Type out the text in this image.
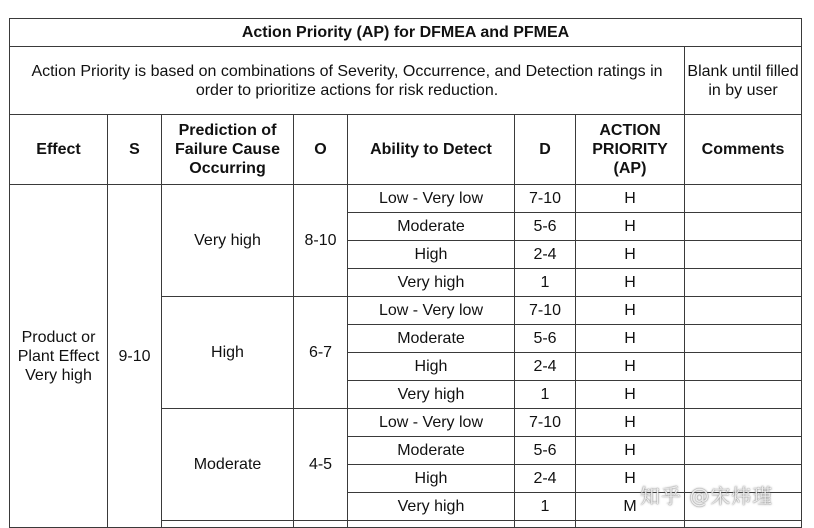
Action Priority (AP) for DFMEA and PFMEA							
Action Priority is based on combinations of Severity, Occurrence, and Detection ratings in order to prioritize actions for risk reduction.							Blank until filled in by user
Effect	S	Prediction of Failure Cause Occurring	O	Ability to Detect	D	ACTION PRIORITY (AP)	Comments
Product or Plant Effect Very high	9-10	Very high	8-10	Low - Very low	7-10	H	
				Moderate	5-6	H	
				High	2-4	H	
				Very high	1	H	
		High	6-7	Low - Very low	7-10	H	
				Moderate	5-6	H	
				High	2-4	H	
				Very high	1	H	
		Moderate	4-5	Low - Very low	7-10	H	
				Moderate	5-6	H	
				High	2-4	H	
				Very high	1	M	
					知乎 @宋炜瑾
